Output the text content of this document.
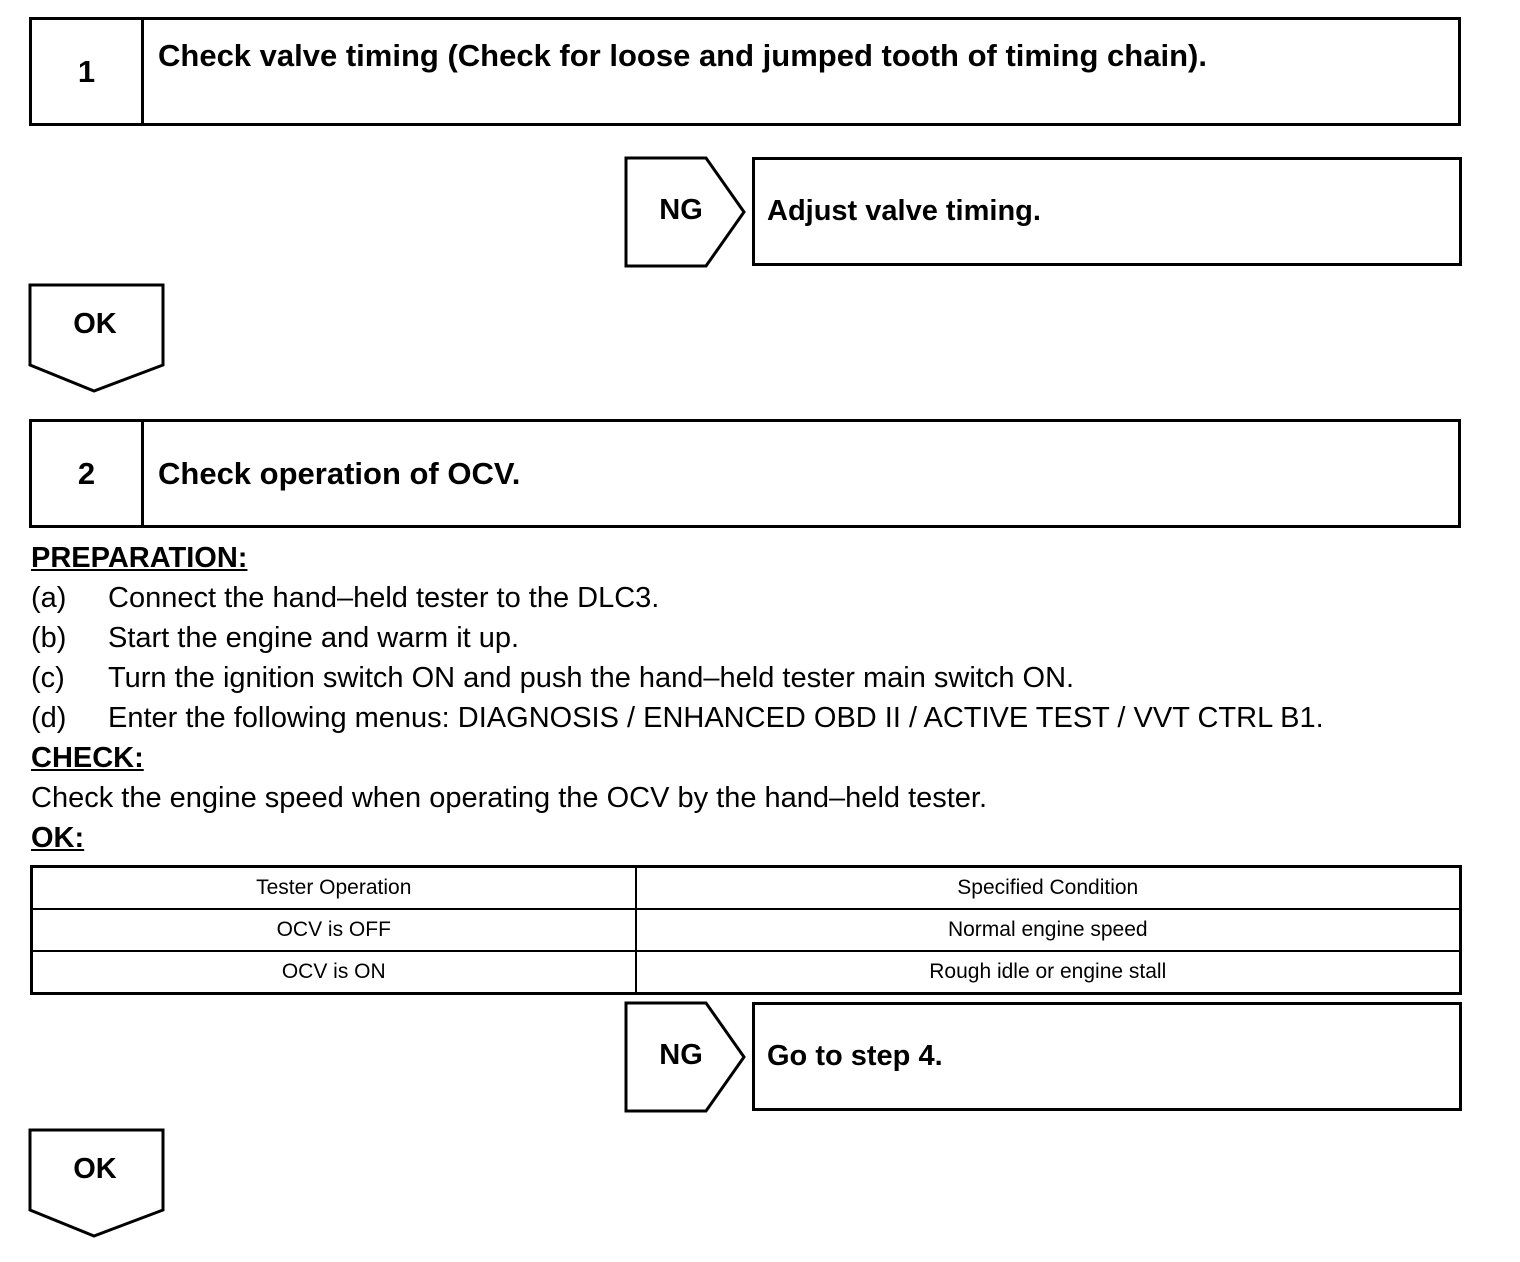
1	Check valve timing (Check for loose and jumped tooth of timing chain).
NG	Adjust valve timing.
OK
2	Check operation of OCV.
PREPARATION:
(a) Connect the hand–held tester to the DLC3.
(b) Start the engine and warm it up.
(c) Turn the ignition switch ON and push the hand–held tester main switch ON.
(d) Enter the following menus: DIAGNOSIS / ENHANCED OBD II / ACTIVE TEST / VVT CTRL B1.
CHECK:
Check the engine speed when operating the OCV by the hand–held tester.
OK:
Tester Operation	Specified Condition
OCV is OFF	Normal engine speed
OCV is ON	Rough idle or engine stall
NG	Go to step 4.
OK
